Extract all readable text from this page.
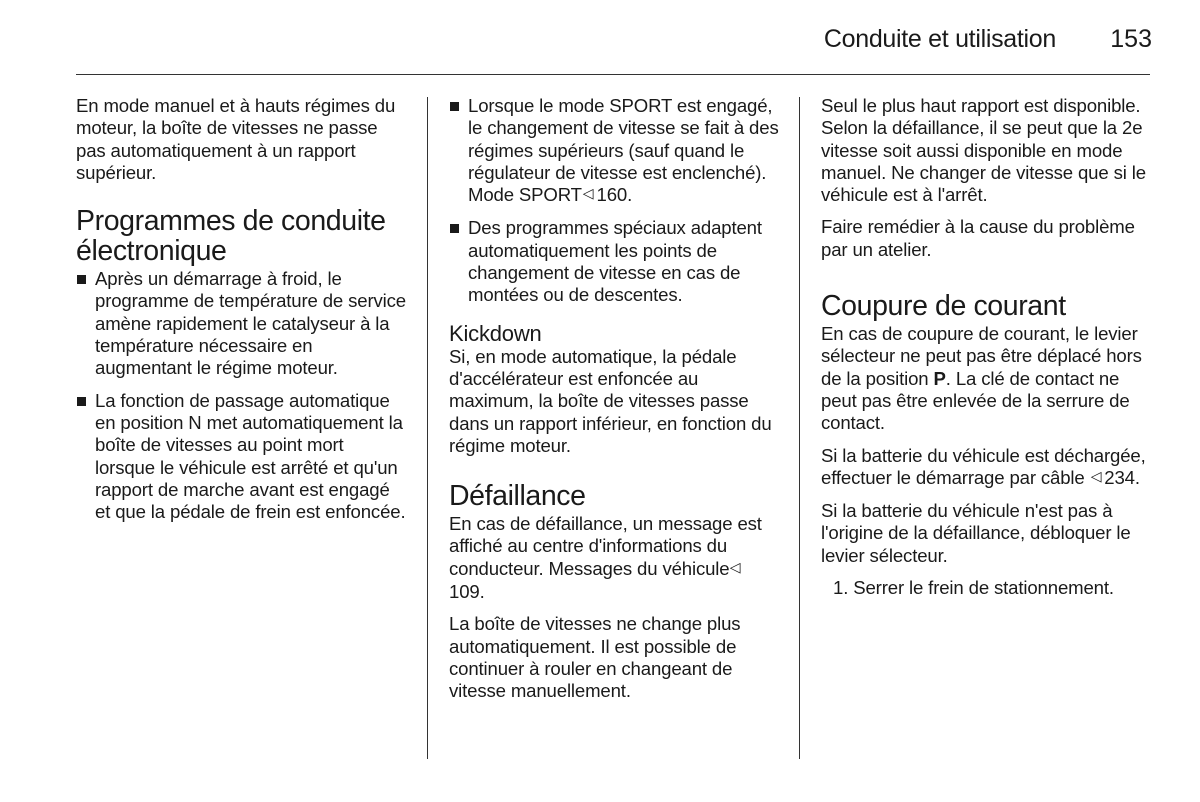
Conduite et utilisation 153

En mode manuel et à hauts régimes du moteur, la boîte de vitesses ne passe pas automatiquement à un rapport supérieur.

Programmes de conduite électronique
Après un démarrage à froid, le programme de température de service amène rapidement le catalyseur à la température nécessaire en augmentant le régime moteur.
La fonction de passage automatique en position N met automatiquement la boîte de vitesses au point mort lorsque le véhicule est arrêté et qu'un rapport de marche avant est engagé et que la pédale de frein est enfoncée.
Lorsque le mode SPORT est engagé, le changement de vitesse se fait à des régimes supérieurs (sauf quand le régulateur de vitesse est enclenché). Mode SPORT▽160.
Des programmes spéciaux adaptent automatiquement les points de changement de vitesse en cas de montées ou de descentes.
Kickdown

Si, en mode automatique, la pédale d'accélérateur est enfoncée au maximum, la boîte de vitesses passe dans un rapport inférieur, en fonction du régime moteur.

Défaillance

En cas de défaillance, un message est affiché au centre d'informations du conducteur. Messages du véhicule▽109.

La boîte de vitesses ne change plus automatiquement. Il est possible de continuer à rouler en changeant de vitesse manuellement.

Seul le plus haut rapport est disponible. Selon la défaillance, il se peut que la 2e vitesse soit aussi disponible en mode manuel. Ne changer de vitesse que si le véhicule est à l'arrêt.

Faire remédier à la cause du problème par un atelier.

Coupure de courant

En cas de coupure de courant, le levier sélecteur ne peut pas être déplacé hors de la position P. La clé de contact ne peut pas être enlevée de la serrure de contact.

Si la batterie du véhicule est déchargée, effectuer le démarrage par câble ▽234.

Si la batterie du véhicule n'est pas à l'origine de la défaillance, débloquer le levier sélecteur.

1. Serrer le frein de stationnement.
